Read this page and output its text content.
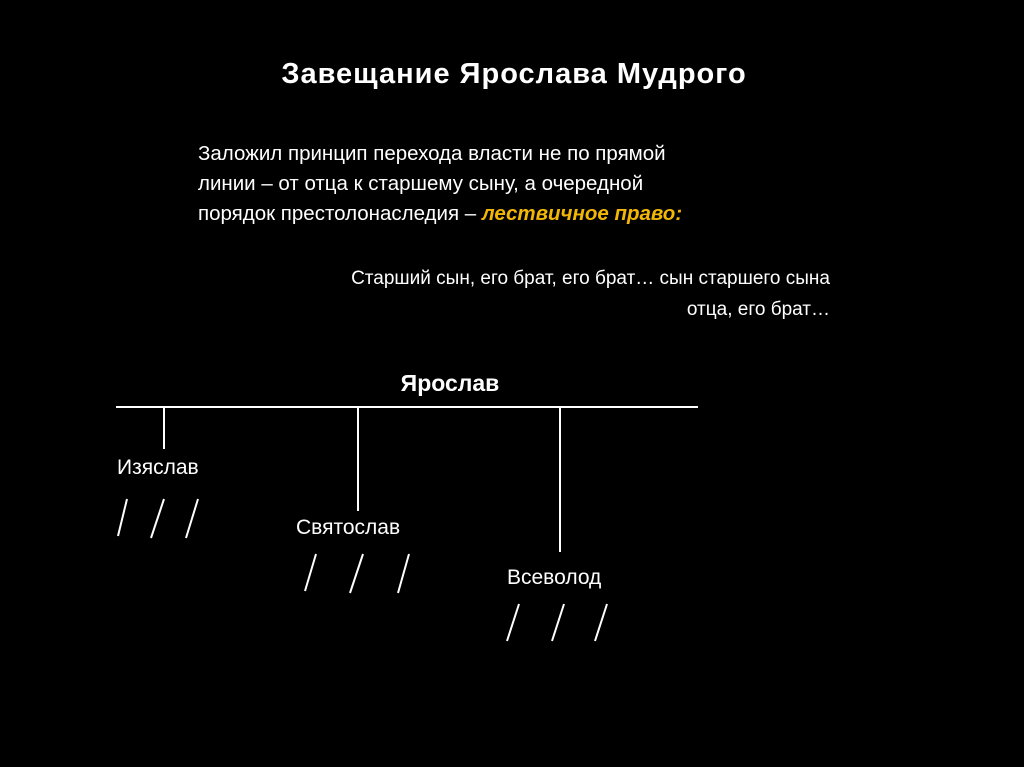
Завещание Ярослава Мудрого
Заложил принцип перехода власти не по прямой
линии – от отца к старшему сыну, а очередной
порядок престолонаследия – лествичное право:
Старший сын, его брат, его брат… сын старшего сына
отца, его брат…
Ярослав
Изяслав
Святослав
Всеволод
